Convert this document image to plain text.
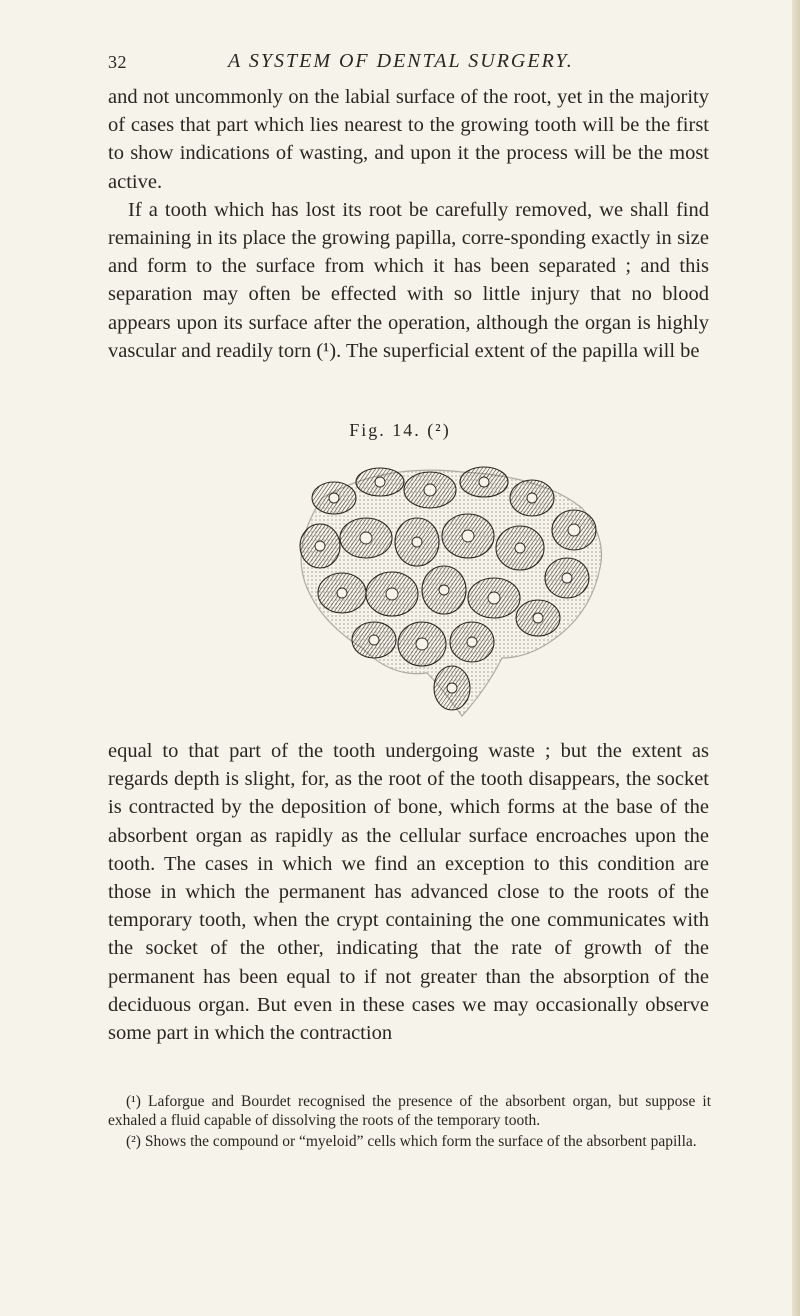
32	A SYSTEM OF DENTAL SURGERY.

and not uncommonly on the labial surface of the root, yet in the majority of cases that part which lies nearest to the growing tooth will be the first to show indications of wasting, and upon it the process will be the most active.

If a tooth which has lost its root be carefully removed, we shall find remaining in its place the growing papilla, corre-sponding exactly in size and form to the surface from which it has been separated ; and this separation may often be effected with so little injury that no blood appears upon its surface after the operation, although the organ is highly vascular and readily torn (¹). The superficial extent of the papilla will be

Fig. 14. (²)

equal to that part of the tooth undergoing waste ; but the extent as regards depth is slight, for, as the root of the tooth disappears, the socket is contracted by the deposition of bone, which forms at the base of the absorbent organ as rapidly as the cellular surface encroaches upon the tooth. The cases in which we find an exception to this condition are those in which the permanent has advanced close to the roots of the temporary tooth, when the crypt containing the one communicates with the socket of the other, indicating that the rate of growth of the permanent has been equal to if not greater than the absorption of the deciduous organ. But even in these cases we may occasionally observe some part in which the contraction

(¹) Laforgue and Bourdet recognised the presence of the absorbent organ, but suppose it exhaled a fluid capable of dissolving the roots of the temporary tooth.

(²) Shows the compound or “myeloid” cells which form the surface of the absorbent papilla.
